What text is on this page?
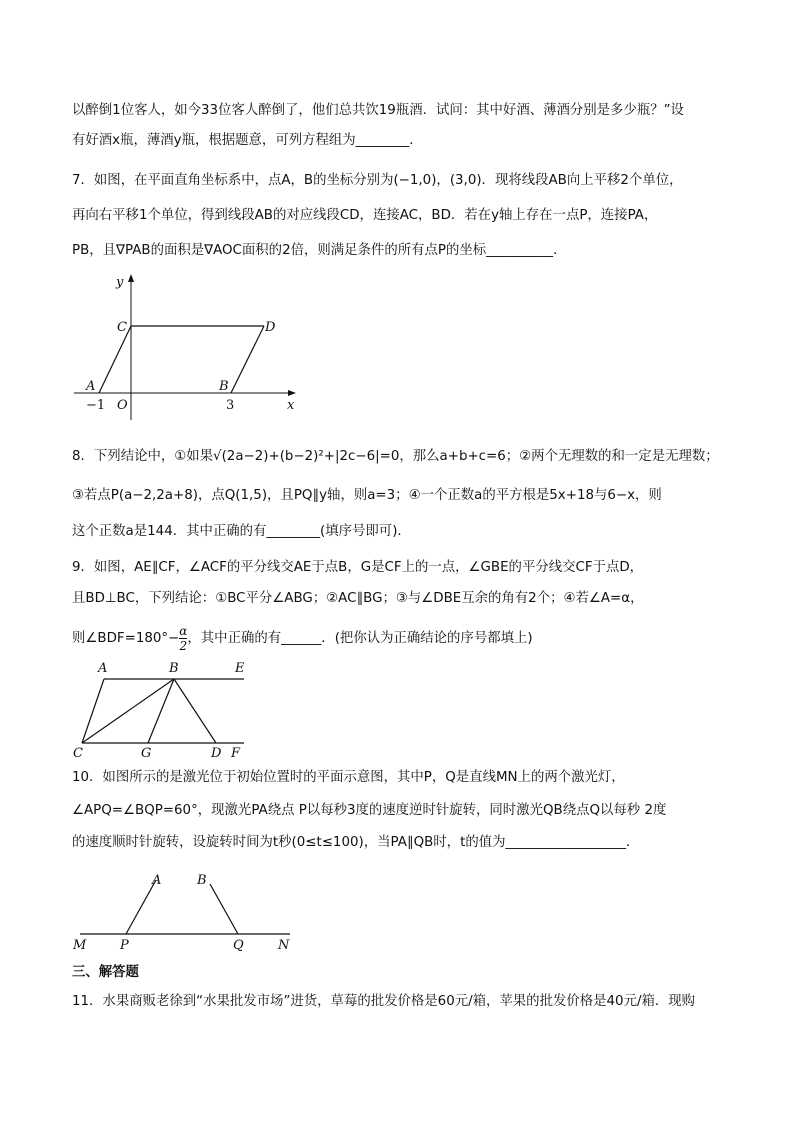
以醉倒1位客人，如今33位客人醉倒了，他们总共饮19瓶酒．试问：其中好酒、薄酒分别是多少瓶？”设
有好酒x瓶，薄酒y瓶，根据题意，可列方程组为________．
7．如图，在平面直角坐标系中，点A，B的坐标分别为(−1,0)，(3,0)．现将线段AB向上平移2个单位，
再向右平移1个单位，得到线段AB的对应线段CD，连接AC，BD．若在y轴上存在一点P，连接PA，
PB，且∇PAB的面积是∇AOC面积的2倍，则满足条件的所有点P的坐标__________．
y
C	D
A	B
−1 O	3	x
8．下列结论中，①如果√(2a−2)+(b−2)²+|2c−6|=0，那么a+b+c=6；②两个无理数的和一定是无理数；
③若点P(a−2,2a+8)，点Q(1,5)，且PQ∥y轴，则a=3；④一个正数a的平方根是5x+18与6−x，则
这个正数a是144．其中正确的有________(填序号即可)．
9．如图，AE∥CF，∠ACF的平分线交AE于点B，G是CF上的一点，∠GBE的平分线交CF于点D，
且BD⊥BC，下列结论：①BC平分∠ABG；②AC∥BG；③与∠DBE互余的角有2个；④若∠A=α，
则∠BDF=180°− $\frac{\alpha}{2}$ ，其中正确的有______．(把你认为正确结论的序号都填上)
A	B	E
C	G	D F
10．如图所示的是激光位于初始位置时的平面示意图，其中P，Q是直线MN上的两个激光灯，
∠APQ=∠BQP=60°，现激光PA绕点 P以每秒3度的速度逆时针旋转，同时激光QB绕点Q以每秒 2度
的速度顺时针旋转，设旋转时间为t秒(0≤t≤100)，当PA∥QB时，t的值为__________________．
A	B
M	P	Q	N
三、解答题
11．水果商贩老徐到“水果批发市场”进货，草莓的批发价格是60元/箱，苹果的批发价格是40元/箱．现购
